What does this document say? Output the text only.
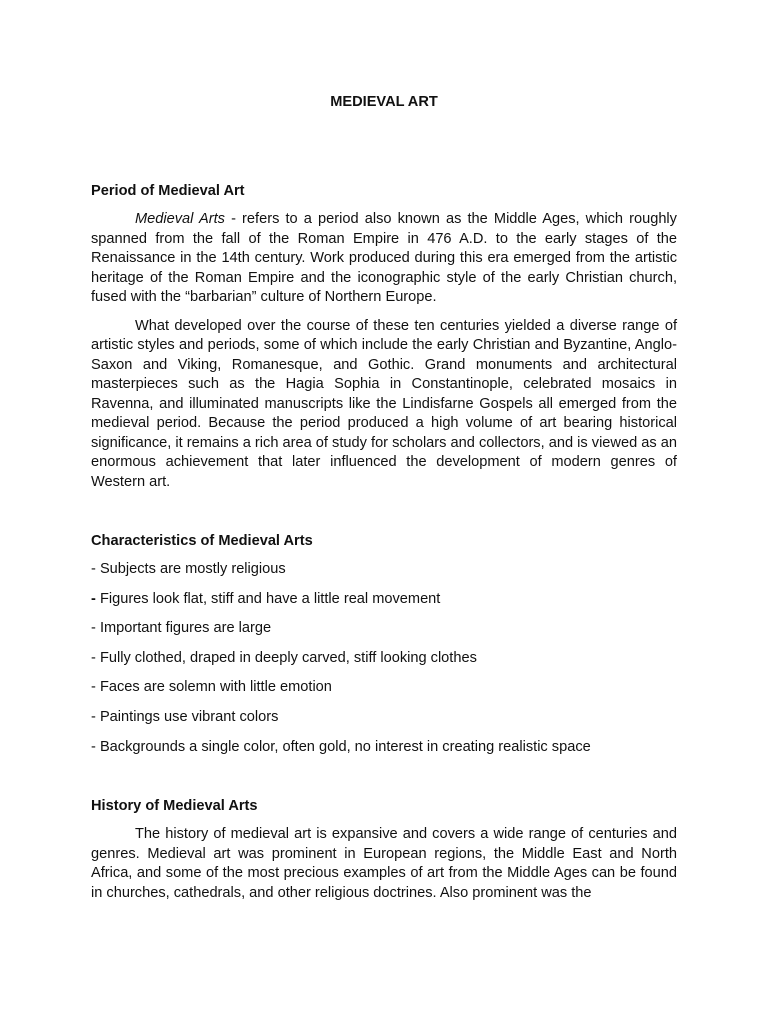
MEDIEVAL ART
Period of Medieval Art

Medieval Arts - refers to a period also known as the Middle Ages, which roughly spanned from the fall of the Roman Empire in 476 A.D. to the early stages of the Renaissance in the 14th century. Work produced during this era emerged from the artistic heritage of the Roman Empire and the iconographic style of the early Christian church, fused with the “barbarian” culture of Northern Europe.

What developed over the course of these ten centuries yielded a diverse range of artistic styles and periods, some of which include the early Christian and Byzantine, Anglo-Saxon and Viking, Romanesque, and Gothic. Grand monuments and architectural masterpieces such as the Hagia Sophia in Constantinople, celebrated mosaics in Ravenna, and illuminated manuscripts like the Lindisfarne Gospels all emerged from the medieval period. Because the period produced a high volume of art bearing historical significance, it remains a rich area of study for scholars and collectors, and is viewed as an enormous achievement that later influenced the development of modern genres of Western art.

Characteristics of Medieval Arts
- Subjects are mostly religious
- Figures look flat, stiff and have a little real movement
- Important figures are large
- Fully clothed, draped in deeply carved, stiff looking clothes
- Faces are solemn with little emotion
- Paintings use vibrant colors
- Backgrounds a single color, often gold, no interest in creating realistic space
History of Medieval Arts

The history of medieval art is expansive and covers a wide range of centuries and genres. Medieval art was prominent in European regions, the Middle East and North Africa, and some of the most precious examples of art from the Middle Ages can be found in churches, cathedrals, and other religious doctrines. Also prominent was the
